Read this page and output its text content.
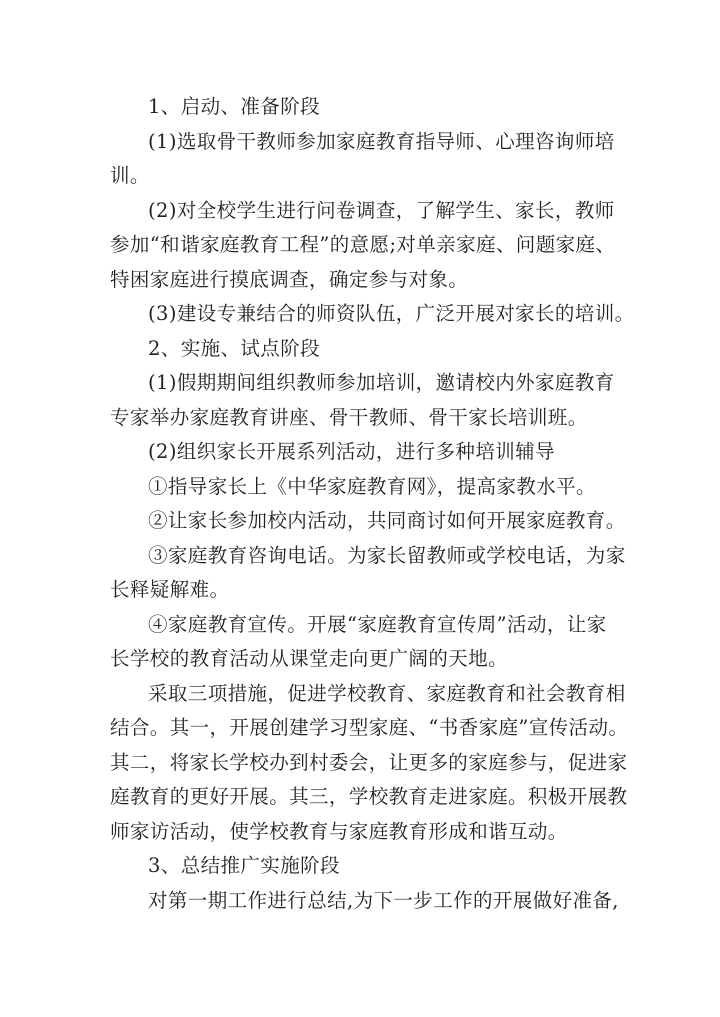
1、启动、准备阶段
(1)选取骨干教师参加家庭教育指导师、心理咨询师培
训。
(2)对全校学生进行问卷调查，了解学生、家长，教师
参加“和谐家庭教育工程”的意愿;对单亲家庭、问题家庭、
特困家庭进行摸底调查，确定参与对象。
(3)建设专兼结合的师资队伍，广泛开展对家长的培训。
2、实施、试点阶段
(1)假期期间组织教师参加培训，邀请校内外家庭教育
专家举办家庭教育讲座、骨干教师、骨干家长培训班。
(2)组织家长开展系列活动，进行多种培训辅导
①指导家长上《中华家庭教育网》，提高家教水平。
②让家长参加校内活动，共同商讨如何开展家庭教育。
③家庭教育咨询电话。为家长留教师或学校电话，为家
长释疑解难。
④家庭教育宣传。开展“家庭教育宣传周”活动，让家
长学校的教育活动从课堂走向更广阔的天地。
采取三项措施，促进学校教育、家庭教育和社会教育相
结合。其一，开展创建学习型家庭、“书香家庭”宣传活动。
其二，将家长学校办到村委会，让更多的家庭参与，促进家
庭教育的更好开展。其三，学校教育走进家庭。积极开展教
师家访活动，使学校教育与家庭教育形成和谐互动。
3、总结推广实施阶段
对第一期工作进行总结,为下一步工作的开展做好准备,
